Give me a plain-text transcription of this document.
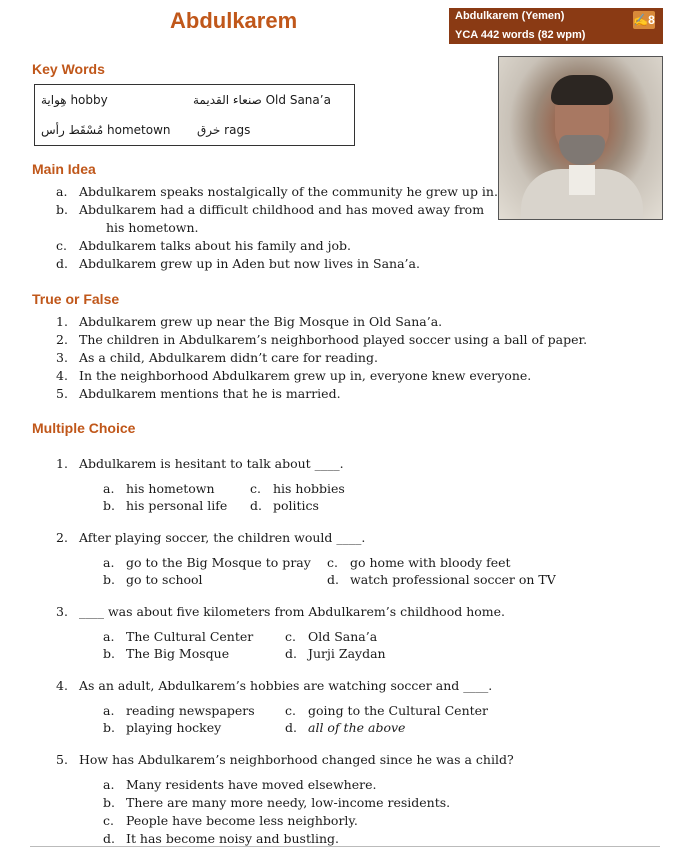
Abdulkarem	Abdulkarem (Yemen)
YCA 442 words (82 wpm)
✍8
Key Words
هِواية hobby	صنعاء القديمة Old Sana’a
مُسْقَط رأس hometown خرق rags
Main Idea
a. Abdulkarem speaks nostalgically of the community he grew up in.
b. Abdulkarem had a difficult childhood and has moved away from
his hometown.
c. Abdulkarem talks about his family and job.
d. Abdulkarem grew up in Aden but now lives in Sana’a.
True or False
1. Abdulkarem grew up near the Big Mosque in Old Sana’a.
2. The children in Abdulkarem’s neighborhood played soccer using a ball of paper.
3. As a child, Abdulkarem didn’t care for reading.
4. In the neighborhood Abdulkarem grew up in, everyone knew everyone.
5. Abdulkarem mentions that he is married.
Multiple Choice
1. Abdulkarem is hesitant to talk about ____.
a. his hometown	c. his hobbies
b. his personal life d. politics
2. After playing soccer, the children would ____.
a. go to the Big Mosque to pray c. go home with bloody feet
b. go to school	d. watch professional soccer on TV
3. ____ was about five kilometers from Abdulkarem’s childhood home.
a. The Cultural Center	c. Old Sana’a
b. The Big Mosque	d. Jurji Zaydan
4. As an adult, Abdulkarem’s hobbies are watching soccer and ____.
a. reading newspapers c. going to the Cultural Center
b. playing hockey	d. all of the above
5. How has Abdulkarem’s neighborhood changed since he was a child?
a. Many residents have moved elsewhere.
b. There are many more needy, low-income residents.
c. People have become less neighborly.
d. It has become noisy and bustling.
